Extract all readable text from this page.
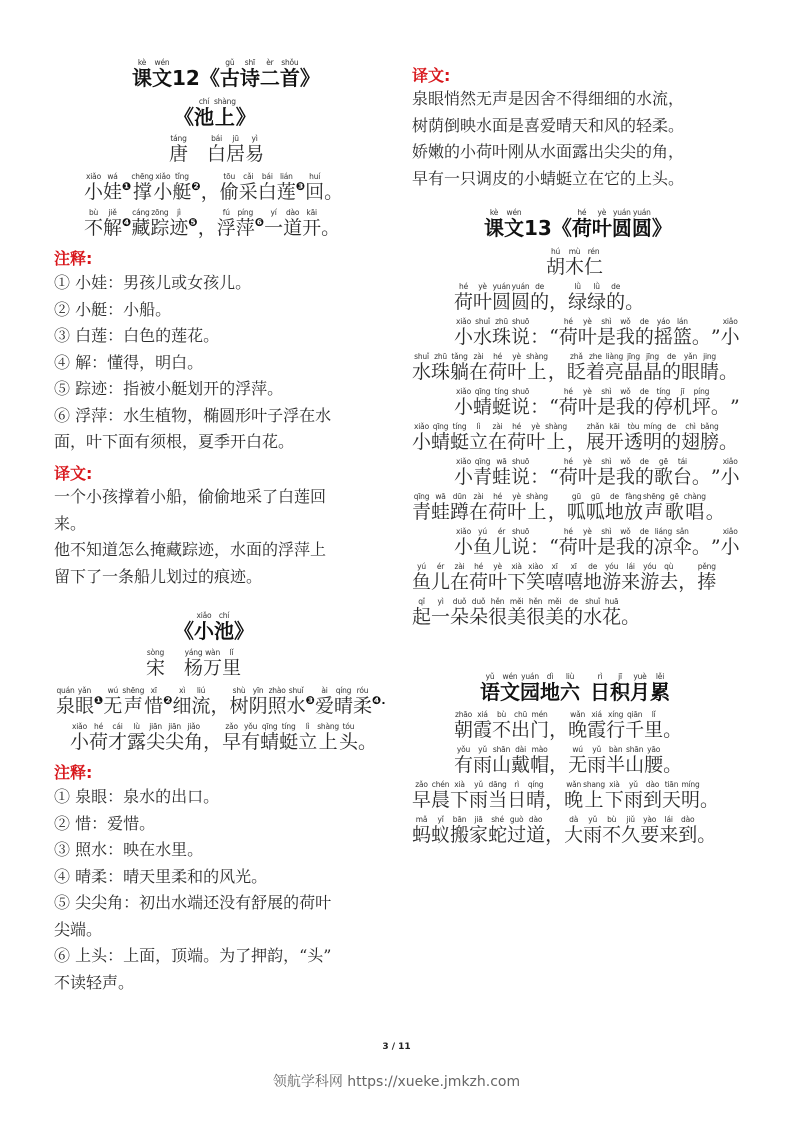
kè
课
wén
文 12 《
gǔ
古
shī
诗
èr
二
shǒu
首 》
《
chí
池
shàng
上 》
táng
唐

bái
白
jū
居
yì
易
xiǎo
小
wá
娃 ❶
chēng
撑
xiǎo
小
tǐng
艇 ❷ ，
tōu
偷
cǎi
采
bái
白
lián
莲 ❸
huí
回 。
bù
不
jiě
解 ❹
cáng
藏
zōng
踪
jì
迹 ❺ ，
fú
浮
píng
萍 ❻
yí
一
dào
道
kāi
开 。
注释:
① 小娃：男孩儿或女孩儿。
② 小艇：小船。
③ 白莲：白色的莲花。
④ 解：懂得，明白。
⑤ 踪迹：指被小艇划开的浮萍。
⑥ 浮萍：水生植物，椭圆形叶子浮在水
面，叶下面有须根，夏季开白花。
译文:
一个小孩撑着小船，偷偷地采了白莲回
来。
他不知道怎么掩藏踪迹，水面的浮萍上
留下了一条船儿划过的痕迹。
《
xiǎo
小
chí
池 》
sòng
宋

yáng
杨
wàn
万
lǐ
里
quán
泉
yǎn
眼 ❶
wú
无
shēng
声
xī
惜 ❷
xì
细
liú
流 ，
shù
树
yīn
阴
zhào
照
shuǐ
水 ❸
ài
爱
qíng
晴
róu
柔 ❹.
xiǎo
小
hé
荷
cái
才
lù
露
jiān
尖
jiān
尖
jiǎo
角 ，
zǎo
早
yǒu
有
qīng
蜻
tíng
蜓
lì
立
shàng
上
tóu
头 。
注释:
① 泉眼：泉水的出口。
② 惜：爱惜。
③ 照水：映在水里。
④ 晴柔：晴天里柔和的风光。
⑤ 尖尖角：初出水端还没有舒展的荷叶
尖端。
⑥ 上头：上面，顶端。为了押韵，“头”
不读轻声。
译文:
泉眼悄然无声是因舍不得细细的水流，
树荫倒映水面是喜爱晴天和风的轻柔。
娇嫩的小荷叶刚从水面露出尖尖的角，
早有一只调皮的小蜻蜓立在它的上头。
kè
课
wén
文 13 《
hé
荷
yè
叶
yuán
圆
yuán
圆 》
hú
胡
mù
木
rén
仁
hé
荷
yè
叶
yuán
圆
yuán
圆
de
的 ，
lǜ
绿
lǜ
绿
de
的 。
xiǎo
小
shuǐ
水
zhū
珠
shuō
说 ： “
hé
荷
yè
叶
shì
是
wǒ
我
de
的
yáo
摇
lán
篮 。 ”
xiǎo
小
shuǐ
水
zhū
珠
tǎng
躺
zài
在
hé
荷
yè
叶
shàng
上 ，
zhǎ
眨
zhe
着
liàng
亮
jīng
晶
jīng
晶
de
的
yǎn
眼
jing
睛 。
xiǎo
小
qīng
蜻
tíng
蜓
shuō
说 ： “
hé
荷
yè
叶
shì
是
wǒ
我
de
的
tíng
停
jī
机
píng
坪 。 ”
xiǎo
小
qīng
蜻
tíng
蜓
lì
立
zài
在
hé
荷
yè
叶
shàng
上 ，
zhǎn
展
kāi
开
tòu
透
míng
明
de
的
chì
翅
bǎng
膀 。
xiǎo
小
qīng
青
wā
蛙
shuō
说 ： “
hé
荷
yè
叶
shì
是
wǒ
我
de
的
gē
歌
tái
台 。 ”
xiǎo
小
qīng
青
wā
蛙
dūn
蹲
zài
在
hé
荷
yè
叶
shàng
上 ，
gū
呱
gū
呱
de
地
fàng
放
shēng
声
gē
歌
chàng
唱 。
xiǎo
小
yú
鱼
ér
儿
shuō
说 ： “
hé
荷
yè
叶
shì
是
wǒ
我
de
的
liáng
凉
sǎn
伞 。 ”
xiǎo
小
yú
鱼
ér
儿
zài
在
hé
荷
yè
叶
xià
下
xiào
笑
xī
嘻
xī
嘻
de
地
yóu
游
lái
来
yóu
游
qù
去 ，
pěng
捧
qǐ
起
yì
一
duǒ
朵
duǒ
朵
hěn
很
měi
美
hěn
很
měi
美
de
的
shuǐ
水
huā
花 。
yǔ
语
wén
文
yuán
园
dì
地
liù
六

rì
日
jī
积
yuè
月
lěi
累
zhāo
朝
xiá
霞
bù
不
chū
出
mén
门 ，
wǎn
晚
xiá
霞
xíng
行
qiān
千
lǐ
里 。
yǒu
有
yǔ
雨
shān
山
dài
戴
mào
帽 ，
wú
无
yǔ
雨
bàn
半
shān
山
yāo
腰 。
zǎo
早
chén
晨
xià
下
yǔ
雨
dāng
当
rì
日
qíng
晴 ，
wǎn
晚
shang
上
xià
下
yǔ
雨
dào
到
tiān
天
míng
明 。
mǎ
蚂
yǐ
蚁
bān
搬
jiā
家
shé
蛇
guò
过
dào
道 ，
dà
大
yǔ
雨
bù
不
jiǔ
久
yào
要
lái
来
dào
到 。
3 / 11
领航学科网 https://xueke.jmkzh.com
